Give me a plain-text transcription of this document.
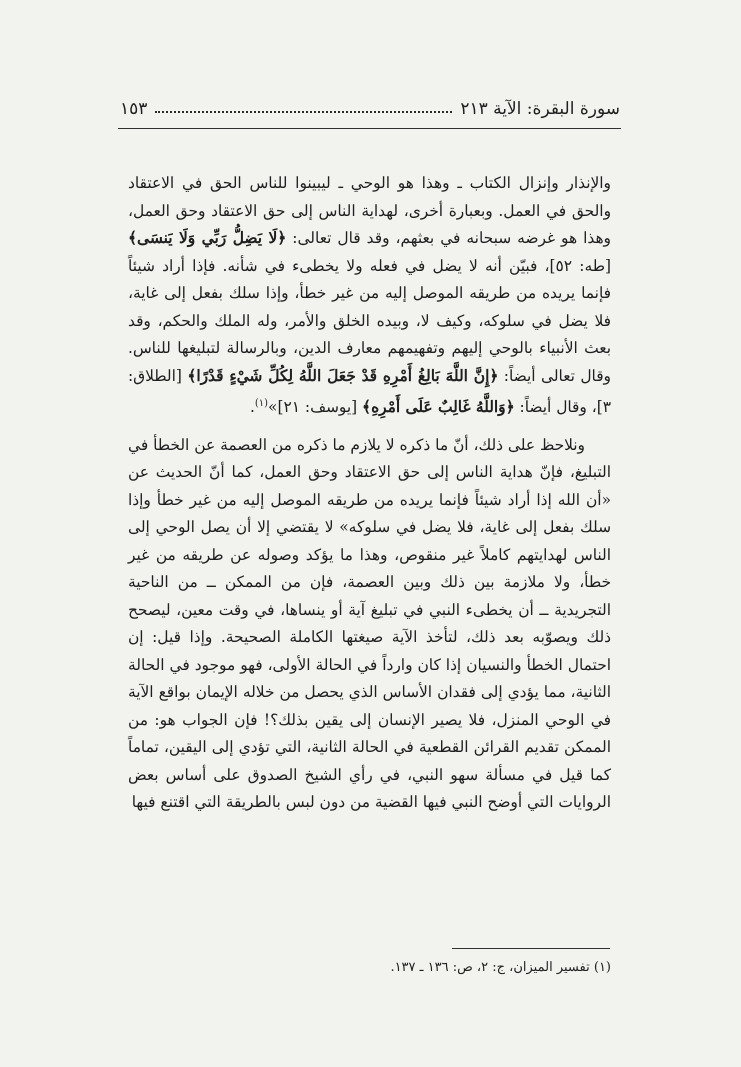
سورة البقرة: الآية ٢١٣
١٥٣

والإنذار وإنزال الكتاب ـ وهذا هو الوحي ـ ليبينوا للناس الحق في الاعتقاد والحق في العمل. وبعبارة أخرى، لهداية الناس إلى حق الاعتقاد وحق العمل، وهذا هو غرضه سبحانه في بعثهم، وقد قال تعالى: ﴿لَا يَضِلُّ رَبِّي وَلَا يَنسَى﴾ [طه: ٥٢]، فبيّن أنه لا يضل في فعله ولا يخطىء في شأنه. فإذا أراد شيئاً فإنما يريده من طريقه الموصل إليه من غير خطأ، وإذا سلك بفعل إلى غاية، فلا يضل في سلوكه، وكيف لا، وبيده الخلق والأمر، وله الملك والحكم، وقد بعث الأنبياء بالوحي إليهم وتفهيمهم معارف الدين، وبالرسالة لتبليغها للناس. وقال تعالى أيضاً: ﴿إِنَّ اللَّهَ بَالِغُ أَمْرِهِ قَدْ جَعَلَ اللَّهُ لِكُلِّ شَيْءٍ قَدْرًا﴾ [الطلاق: ٣]، وقال أيضاً: ﴿وَاللَّهُ غَالِبٌ عَلَى أَمْرِهِ﴾ [يوسف: ٢١]»$^{(١)}$.

ونلاحظ على ذلك، أنّ ما ذكره لا يلازم ما ذكره من العصمة عن الخطأ في التبليغ، فإنّ هداية الناس إلى حق الاعتقاد وحق العمل، كما أنّ الحديث عن «أن الله إذا أراد شيئاً فإنما يريده من طريقه الموصل إليه من غير خطأ وإذا سلك بفعل إلى غاية، فلا يضل في سلوكه» لا يقتضي إلا أن يصل الوحي إلى الناس لهدايتهم كاملاً غير منقوص، وهذا ما يؤكد وصوله عن طريقه من غير خطأ، ولا ملازمة بين ذلك وبين العصمة، فإن من الممكن ــ من الناحية التجريدية ــ أن يخطىء النبي في تبليغ آية أو ينساها، في وقت معين، ليصحح ذلك ويصوّبه بعد ذلك، لتأخذ الآية صيغتها الكاملة الصحيحة. وإذا قيل: إن احتمال الخطأ والنسيان إذا كان وارداً في الحالة الأولى، فهو موجود في الحالة الثانية، مما يؤدي إلى فقدان الأساس الذي يحصل من خلاله الإيمان بواقع الآية في الوحي المنزل، فلا يصير الإنسان إلى يقين بذلك؟! فإن الجواب هو: من الممكن تقديم القرائن القطعية في الحالة الثانية، التي تؤدي إلى اليقين، تماماً كما قيل في مسألة سهو النبي، في رأي الشيخ الصدوق على أساس بعض الروايات التي أوضح النبي فيها القضية من دون لبس بالطريقة التي اقتنع فيها

(١) تفسير الميزان، ج: ٢، ص: ١٣٦ ـ ١٣٧.
